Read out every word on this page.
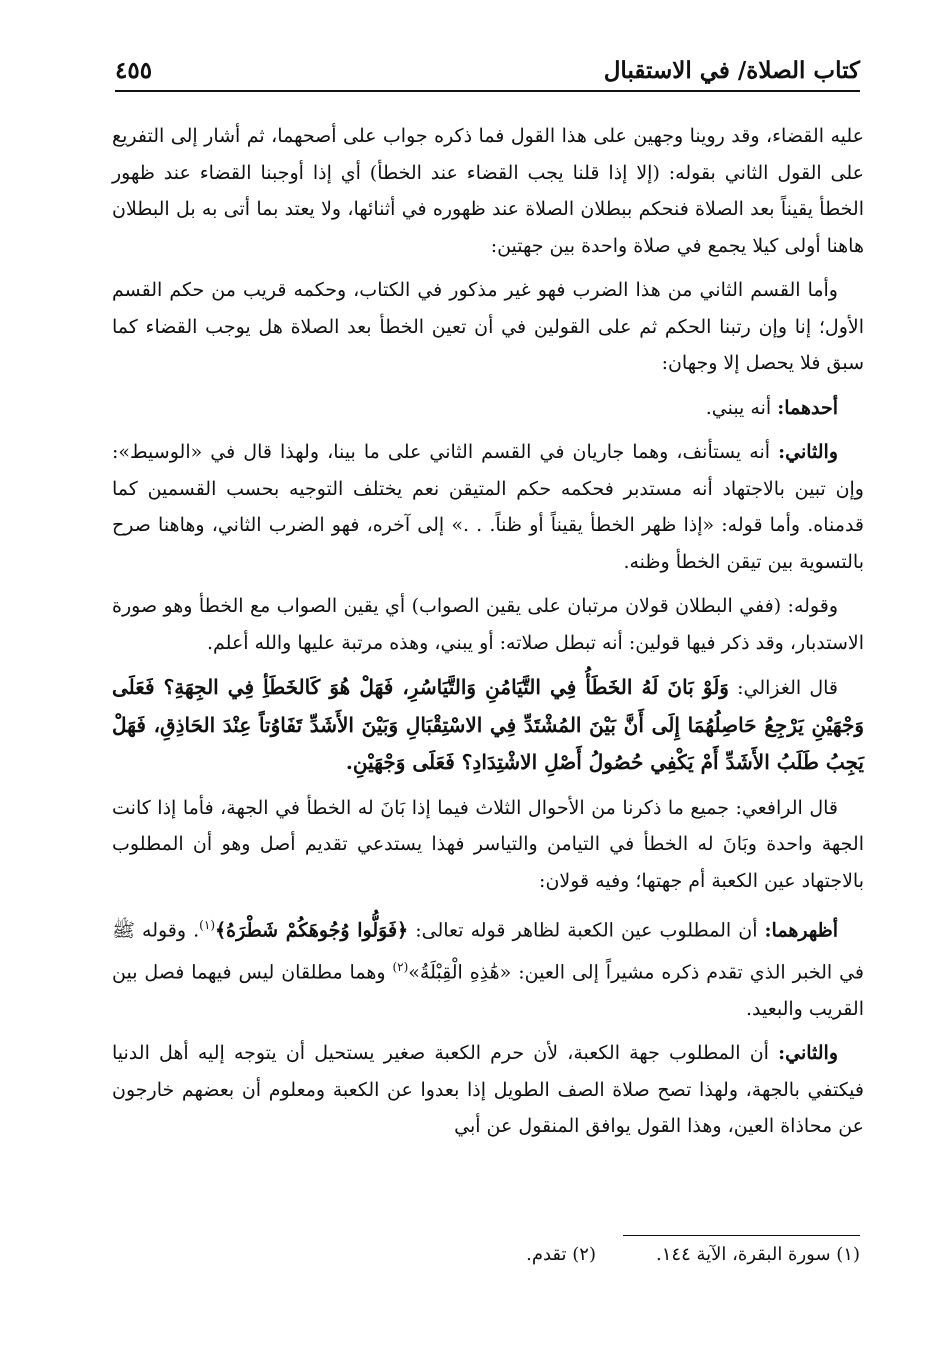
٤٥٥	كتاب الصلاة/ في الاستقبال

عليه القضاء، وقد روينا وجهين على هذا القول فما ذكره جواب على أصحهما، ثم أشار إلى التفريع على القول الثاني بقوله: (إلا إذا قلنا يجب القضاء عند الخطأ) أي إذا أوجبنا القضاء عند ظهور الخطأ يقيناً بعد الصلاة فنحكم ببطلان الصلاة عند ظهوره في أثنائها، ولا يعتد بما أتى به بل البطلان هاهنا أولى كيلا يجمع في صلاة واحدة بين جهتين:

وأما القسم الثاني من هذا الضرب فهو غير مذكور في الكتاب، وحكمه قريب من حكم القسم الأول؛ إنا وإن رتبنا الحكم ثم على القولين في أن تعين الخطأ بعد الصلاة هل يوجب القضاء كما سبق فلا يحصل إلا وجهان:

أحدهما: أنه يبني.

والثاني: أنه يستأنف، وهما جاريان في القسم الثاني على ما بينا، ولهذا قال في «الوسيط»: وإن تبين بالاجتهاد أنه مستدبر فحكمه حكم المتيقن نعم يختلف التوجيه بحسب القسمين كما قدمناه. وأما قوله: «إذا ظهر الخطأ يقيناً أو ظناً. . .» إلى آخره، فهو الضرب الثاني، وهاهنا صرح بالتسوية بين تيقن الخطأ وظنه.

وقوله: (ففي البطلان قولان مرتبان على يقين الصواب) أي يقين الصواب مع الخطأ وهو صورة الاستدبار، وقد ذكر فيها قولين: أنه تبطل صلاته: أو يبني، وهذه مرتبة عليها والله أعلم.

قال الغزالي: وَلَوْ بَانَ لَهُ الخَطَأُ فِي التَّيَامُنِ وَالتَّيَاسُرِ، فَهَلْ هُوَ كَالخَطَأِ فِي الجِهَةِ؟ فَعَلَى وَجْهَيْنِ يَرْجِعُ حَاصِلُهُمَا إِلَى أَنَّ بَيْنَ المُشْتَدِّ فِي الاسْتِقْبَالِ وَبَيْنَ الأَشَدِّ تَفَاوُتاً عِنْدَ الحَاذِقِ، فَهَلْ يَجِبُ طَلَبُ الأَشَدِّ أَمْ يَكْفِي حُصُولُ أَصْلِ الاشْتِدَادِ؟ فَعَلَى وَجْهَيْنِ.

قال الرافعي: جميع ما ذكرنا من الأحوال الثلاث فيما إذا بَانَ له الخطأ في الجهة، فأما إذا كانت الجهة واحدة وبَانَ له الخطأ في التيامن والتياسر فهذا يستدعي تقديم أصل وهو أن المطلوب بالاجتهاد عين الكعبة أم جهتها؛ وفيه قولان:

أظهرهما: أن المطلوب عين الكعبة لظاهر قوله تعالى: ﴿فَوَلُّوا وُجُوهَكُمْ شَطْرَهُ﴾$^{(١)}$. وقوله ﷺ في الخبر الذي تقدم ذكره مشيراً إلى العين: «هَٰذِهِ الْقِبْلَةُ»$^{(٢)}$ وهما مطلقان ليس فيهما فصل بين القريب والبعيد.

والثاني: أن المطلوب جهة الكعبة، لأن حرم الكعبة صغير يستحيل أن يتوجه إليه أهل الدنيا فيكتفي بالجهة، ولهذا تصح صلاة الصف الطويل إذا بعدوا عن الكعبة ومعلوم أن بعضهم خارجون عن محاذاة العين، وهذا القول يوافق المنقول عن أبي

(١) سورة البقرة، الآية ١٤٤.
(٢) تقدم.
